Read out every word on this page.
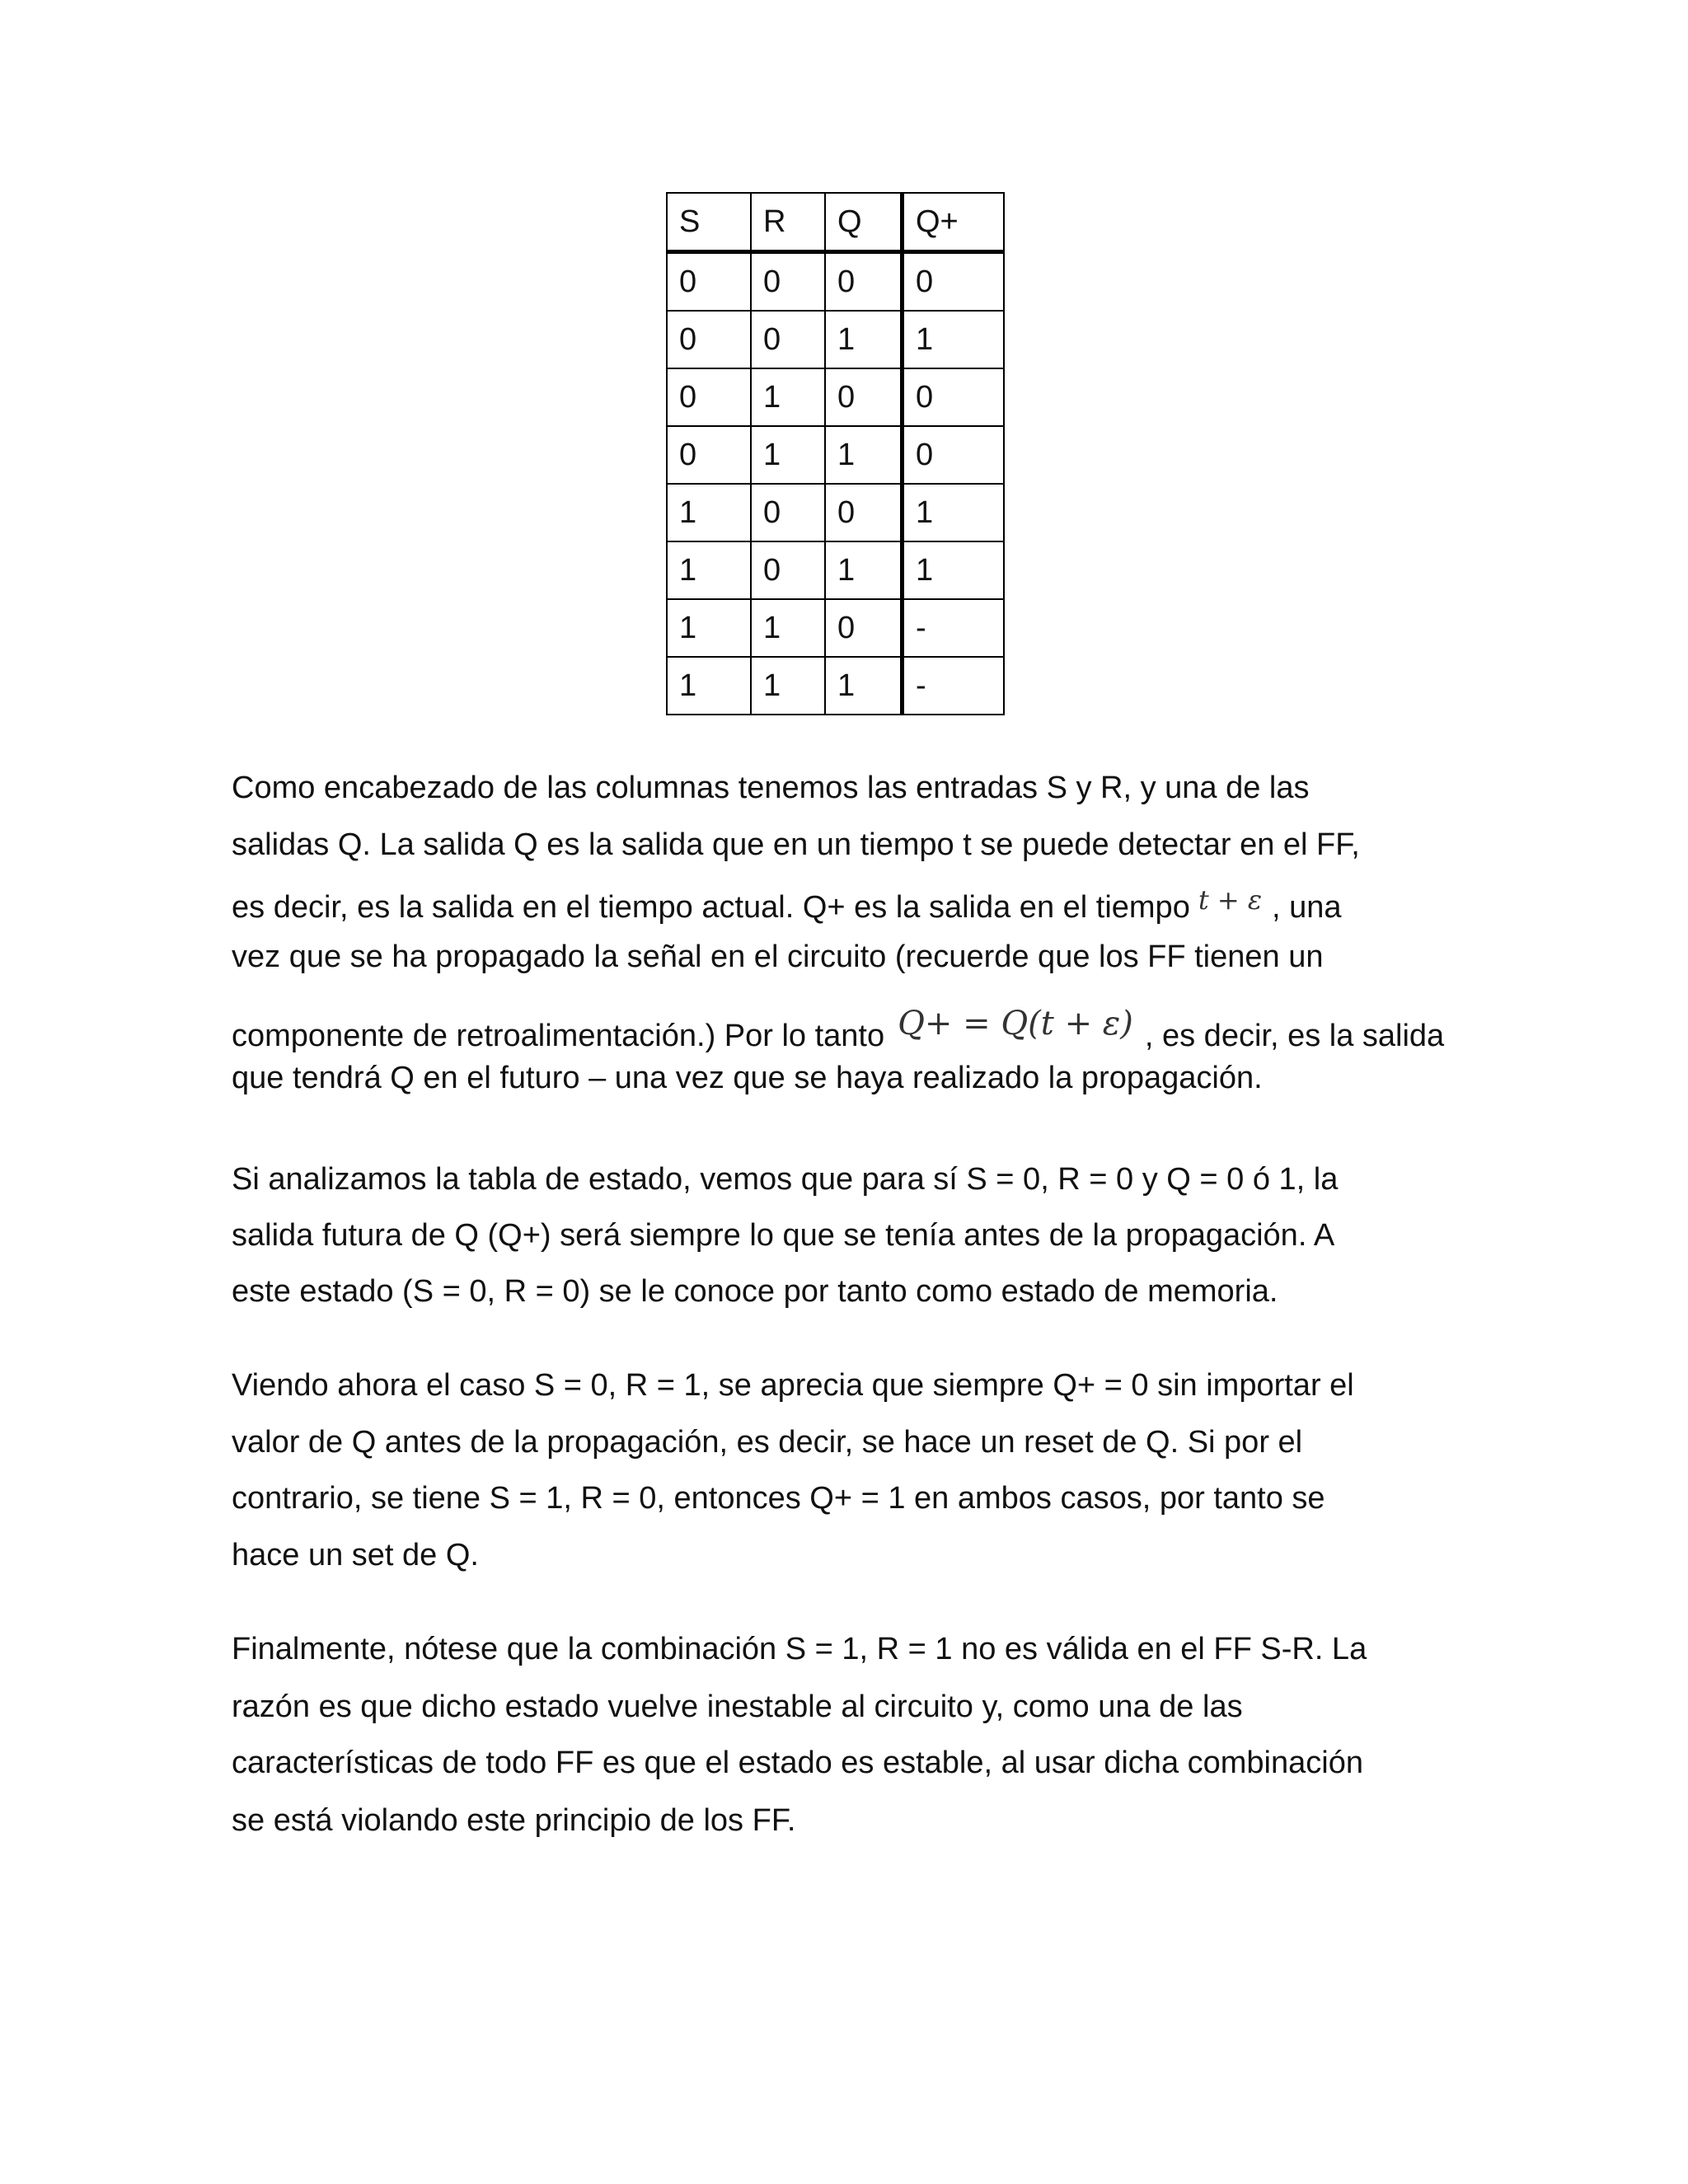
S	R	Q	Q+
0	0	0	0
0	0	1	1
0	1	0	0
0	1	1	0
1	0	0	1
1	0	1	1
1	1	0	-
1	1	1	-
Como encabezado de las columnas tenemos las entradas S y R, y una de las
salidas Q. La salida Q es la salida que en un tiempo t se puede detectar en el FF,
es decir, es la salida en el tiempo actual. Q+ es la salida en el tiempo t + ε , una
vez que se ha propagado la señal en el circuito (recuerde que los FF tienen un
componente de retroalimentación.) Por lo tanto Q+ = Q(t + ε) , es decir, es la salida
que tendrá Q en el futuro – una vez que se haya realizado la propagación.
Si analizamos la tabla de estado, vemos que para sí S = 0, R = 0 y Q = 0 ó 1, la
salida futura de Q (Q+) será siempre lo que se tenía antes de la propagación. A
este estado (S = 0, R = 0) se le conoce por tanto como estado de memoria.
Viendo ahora el caso S = 0, R = 1, se aprecia que siempre Q+ = 0 sin importar el
valor de Q antes de la propagación, es decir, se hace un reset de Q. Si por el
contrario, se tiene S = 1, R = 0, entonces Q+ = 1 en ambos casos, por tanto se
hace un set de Q.
Finalmente, nótese que la combinación S = 1, R = 1 no es válida en el FF S-R. La
razón es que dicho estado vuelve inestable al circuito y, como una de las
características de todo FF es que el estado es estable, al usar dicha combinación
se está violando este principio de los FF.
